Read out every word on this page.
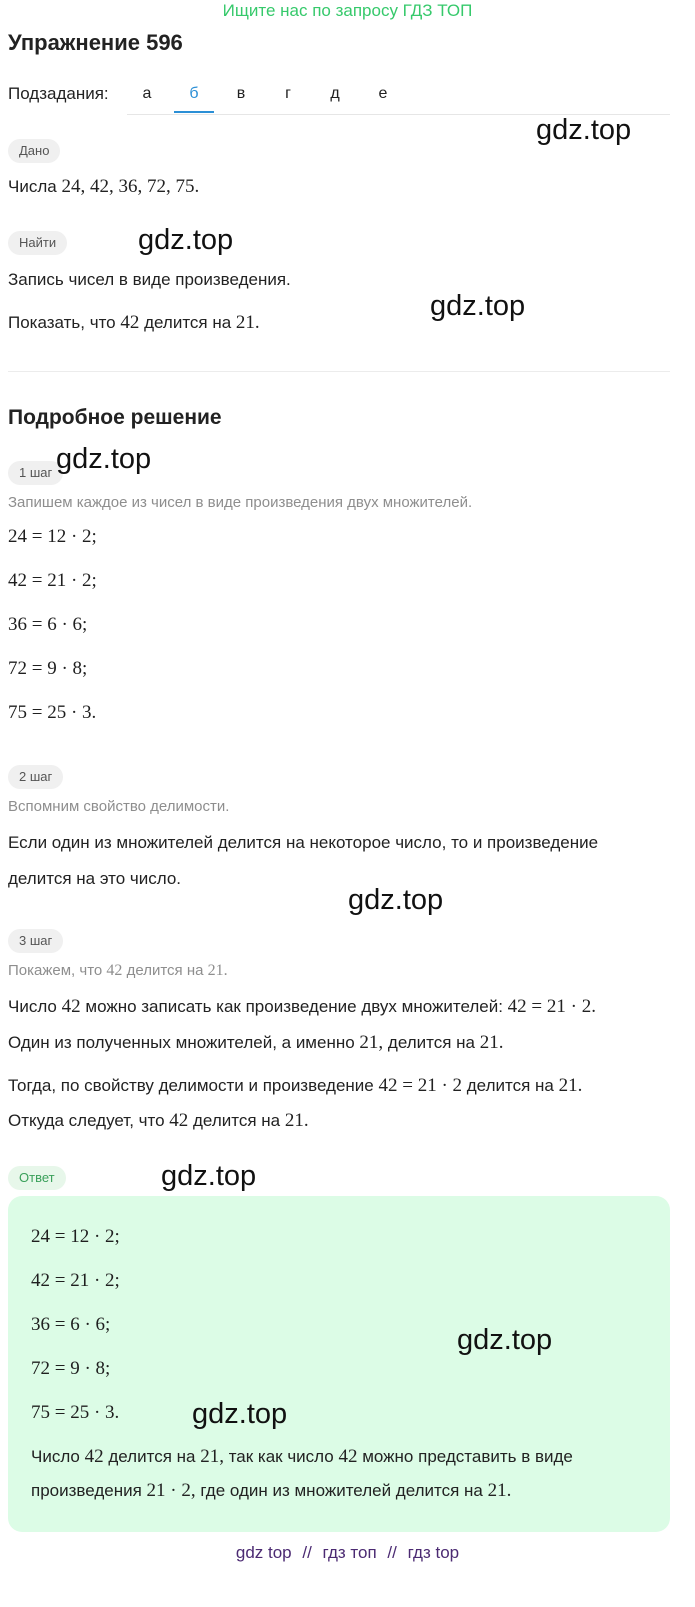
Ищите нас по запросу ГДЗ ТОП
Упражнение 596
Подзадания:	а	б	в	г	д	е
Дано
Числа 24, 42, 36, 72, 75.
Найти
Запись чисел в виде произведения.
Показать, что 42 делится на 21.
Подробное решение
1 шаг
Запишем каждое из чисел в виде произведения двух множителей.
24 = 12 · 2;
42 = 21 · 2;
36 = 6 · 6;
72 = 9 · 8;
75 = 25 · 3.
2 шаг
Вспомним свойство делимости.
Если один из множителей делится на некоторое число, то и произведение
делится на это число.
3 шаг
Покажем, что 42 делится на 21.
Число 42 можно записать как произведение двух множителей: 42 = 21 · 2.
Один из полученных множителей, а именно 21, делится на 21.
Тогда, по свойству делимости и произведение 42 = 21 · 2 делится на 21.
Откуда следует, что 42 делится на 21.
Ответ
24 = 12 · 2;
42 = 21 · 2;
36 = 6 · 6;
72 = 9 · 8;
75 = 25 · 3.
Число 42 делится на 21, так как число 42 можно представить в виде
произведения 21 · 2, где один из множителей делится на 21.
gdz.top
gdz.top
gdz.top
gdz.top
gdz.top
gdz.top
gdz.top
gdz.top
gdz top // гдз топ // гдз top
